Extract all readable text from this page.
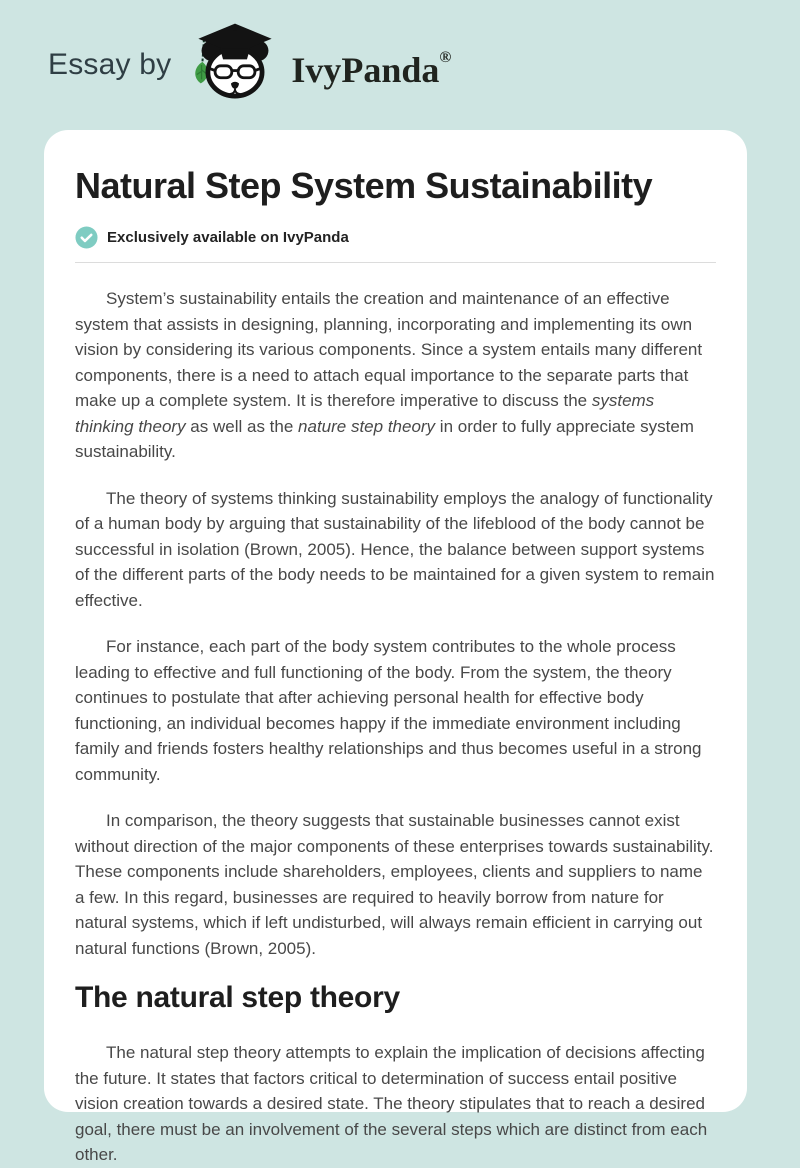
Essay by	IvyPanda®
Natural Step System Sustainability
Exclusively available on IvyPanda

System’s sustainability entails the creation and maintenance of an effective system that assists in designing, planning, incorporating and implementing its own vision by considering its various components. Since a system entails many different components, there is a need to attach equal importance to the separate parts that make up a complete system. It is therefore imperative to discuss the systems thinking theory as well as the nature step theory in order to fully appreciate system sustainability.

The theory of systems thinking sustainability employs the analogy of functionality of a human body by arguing that sustainability of the lifeblood of the body cannot be successful in isolation (Brown, 2005). Hence, the balance between support systems of the different parts of the body needs to be maintained for a given system to remain effective.

For instance, each part of the body system contributes to the whole process leading to effective and full functioning of the body. From the system, the theory continues to postulate that after achieving personal health for effective body functioning, an individual becomes happy if the immediate environment including family and friends fosters healthy relationships and thus becomes useful in a strong community.

In comparison, the theory suggests that sustainable businesses cannot exist without direction of the major components of these enterprises towards sustainability. These components include shareholders, employees, clients and suppliers to name a few. In this regard, businesses are required to heavily borrow from nature for natural systems, which if left undisturbed, will always remain efficient in carrying out natural functions (Brown, 2005).

The natural step theory

The natural step theory attempts to explain the implication of decisions affecting the future. It states that factors critical to determination of success entail positive vision creation towards a desired state. The theory stipulates that to reach a desired goal, there must be an involvement of the several steps which are distinct from each other.
